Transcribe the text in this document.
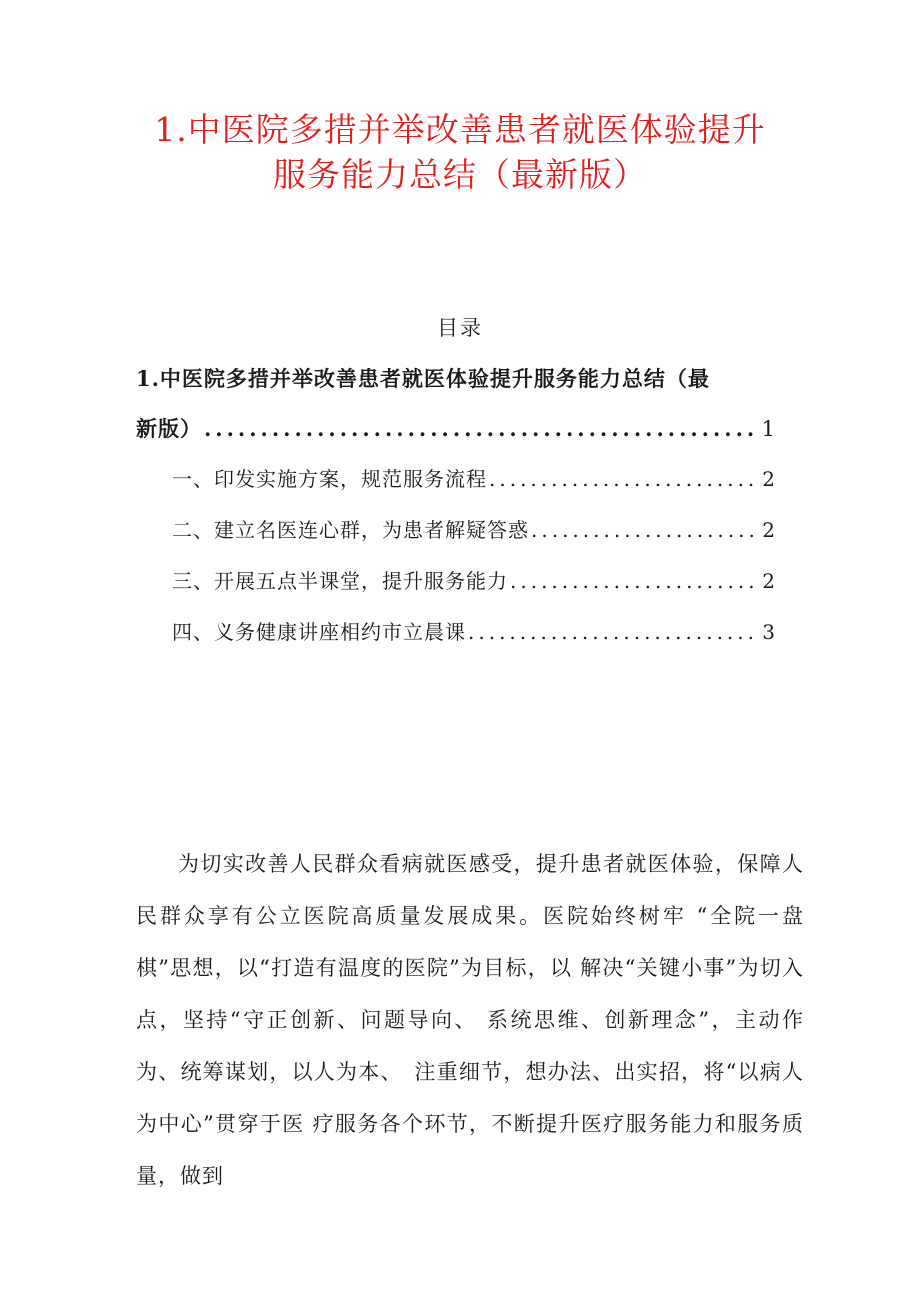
1.中医院多措并举改善患者就医体验提升
服务能力总结（最新版）
目录
1.中医院多措并举改善患者就医体验提升服务能力总结（最
新版） .....	1
一、印发实施方案，规范服务流程 .....	2
二、建立名医连心群，为患者解疑答惑 .....	2
三、开展五点半课堂，提升服务能力 .....	2
四、义务健康讲座相约市立晨课 .....	3

为切实改善人民群众看病就医感受，提升患者就医体验，保障人民群众享有公立医院高质量发展成果。医院始终树牢 “全院一盘棋”思想，以“打造有温度的医院”为目标，以 解决“关键小事”为切入点，坚持“守正创新、问题导向、 系统思维、创新理念”，主动作为、统筹谋划，以人为本、　注重细节，想办法、出实招，将“以病人为中心”贯穿于医 疗服务各个环节，不断提升医疗服务能力和服务质量，做到
